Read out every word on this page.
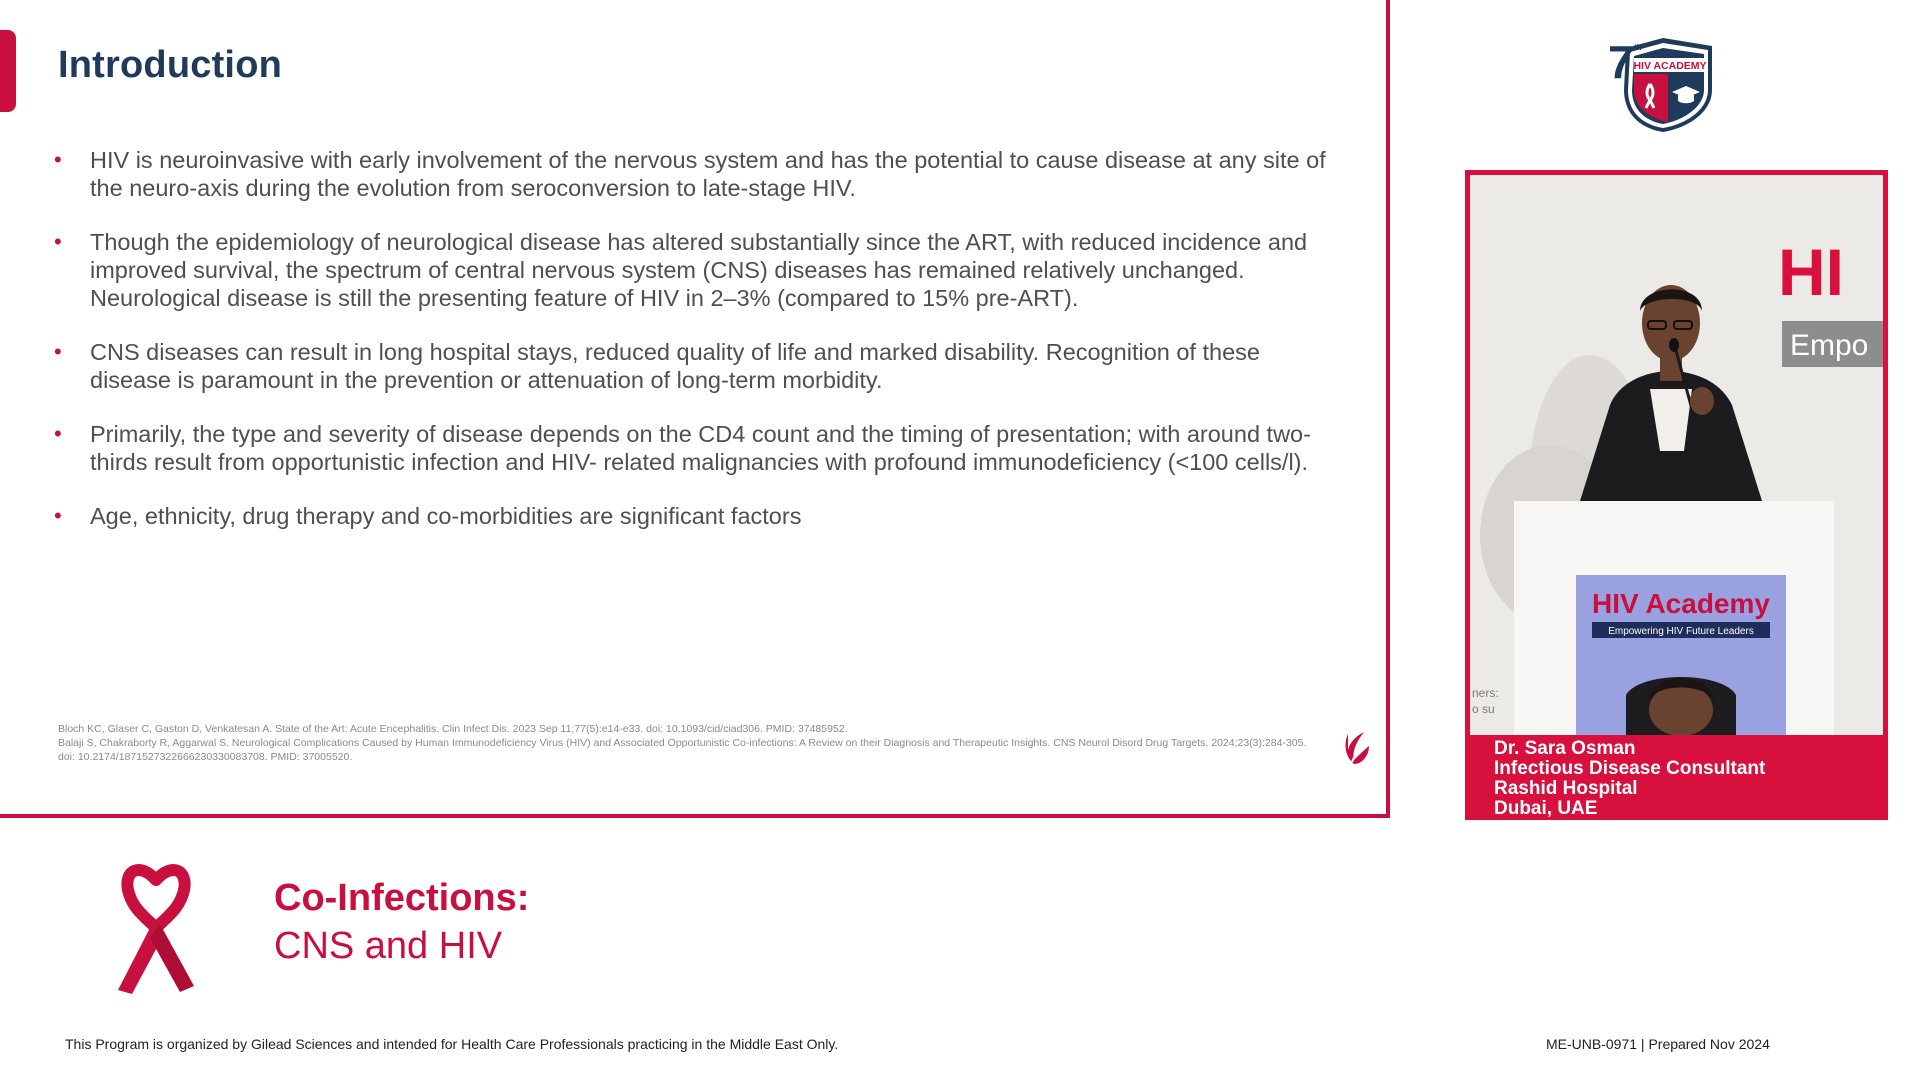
Introduction
• HIV is neuroinvasive with early involvement of the nervous system and has the potential to cause disease at any site of the neuro-axis during the evolution from seroconversion to late-stage HIV.
• Though the epidemiology of neurological disease has altered substantially since the ART, with reduced incidence and improved survival, the spectrum of central nervous system (CNS) diseases has remained relatively unchanged. Neurological disease is still the presenting feature of HIV in 2–3% (compared to 15% pre-ART).
• CNS diseases can result in long hospital stays, reduced quality of life and marked disability. Recognition of these disease is paramount in the prevention or attenuation of long-term morbidity.
• Primarily, the type and severity of disease depends on the CD4 count and the timing of presentation; with around two-thirds result from opportunistic infection and HIV- related malignancies with profound immunodeficiency (<100 cells/l).
• Age, ethnicity, drug therapy and co-morbidities are significant factors

Bloch KC, Glaser C, Gaston D, Venkatesan A. State of the Art: Acute Encephalitis. Clin Infect Dis. 2023 Sep 11;77(5):e14-e33. doi: 10.1093/cid/ciad306. PMID: 37485952.

Balaji S, Chakraborty R, Aggarwal S. Neurological Complications Caused by Human Immunodeficiency Virus (HIV) and Associated Opportunistic Co-infections: A Review on their Diagnosis and Therapeutic Insights. CNS Neurol Disord Drug Targets. 2024;23(3):284-305. doi: 10.2174/1871527322666230330083708. PMID: 37005520.

HIV ACADEMY
7 th
HI
Empo
HIV Academy
Empowering HIV Future Leaders
ners:
o su
Dr. Sara Osman
Infectious Disease Consultant
Rashid Hospital
Dubai, UAE
Co-Infections:
CNS and HIV
This Program is organized by Gilead Sciences and intended for Health Care Professionals practicing in the Middle East Only.	ME-UNB-0971 | Prepared Nov 2024
